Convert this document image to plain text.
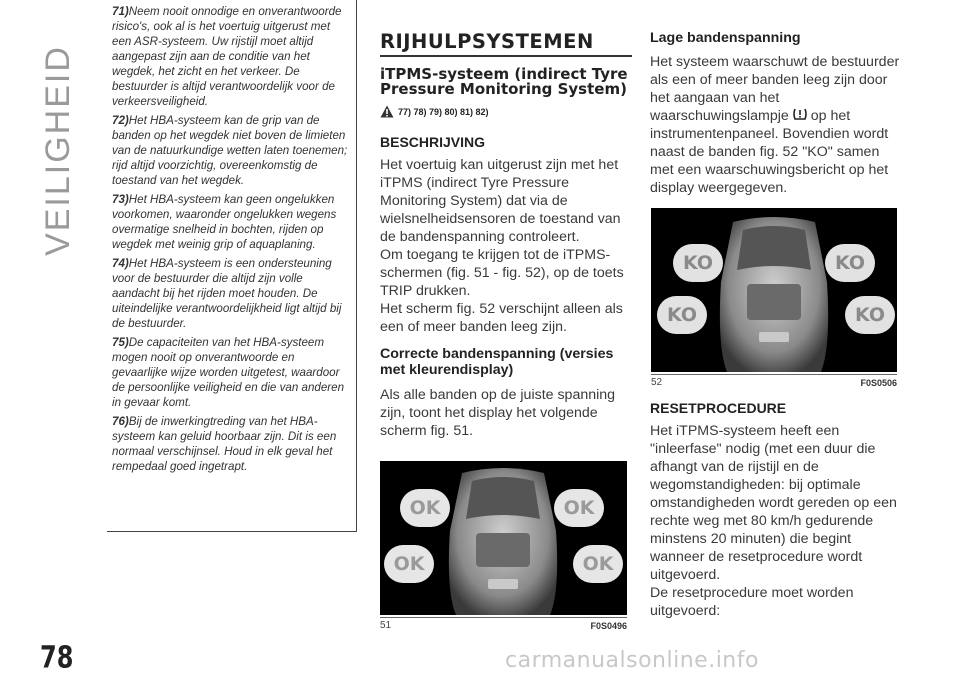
VEILIGHEID
78

71)Neem nooit onnodige en onverantwoorde risico's, ook al is het voertuig uitgerust met een ASR-systeem. Uw rijstijl moet altijd aangepast zijn aan de conditie van het wegdek, het zicht en het verkeer. De bestuurder is altijd verantwoordelijk voor de verkeersveiligheid.

72)Het HBA-systeem kan de grip van de banden op het wegdek niet boven de limieten van de natuurkundige wetten laten toenemen; rijd altijd voorzichtig, overeenkomstig de toestand van het wegdek.

73)Het HBA-systeem kan geen ongelukken voorkomen, waaronder ongelukken wegens overmatige snelheid in bochten, rijden op wegdek met weinig grip of aquaplaning.

74)Het HBA-systeem is een ondersteuning voor de bestuurder die altijd zijn volle aandacht bij het rijden moet houden. De uiteindelijke verantwoordelijkheid ligt altijd bij de bestuurder.

75)De capaciteiten van het HBA-systeem mogen nooit op onverantwoorde en gevaarlijke wijze worden uitgetest, waardoor de persoonlijke veiligheid en die van anderen in gevaar komt.

76)Bij de inwerkingtreding van het HBA-systeem kan geluid hoorbaar zijn. Dit is een normaal verschijnsel. Houd in elk geval het rempedaal goed ingetrapt.

RIJHULPSYSTEMEN
iTPMS-systeem (indirect Tyre Pressure Monitoring System)
77) 78) 79) 80) 81) 82)
BESCHRIJVING

Het voertuig kan uitgerust zijn met het iTPMS (indirect Tyre Pressure Monitoring System) dat via de wielsnelheidsensoren de toestand van de bandenspanning controleert.

Om toegang te krijgen tot de iTPMS-schermen (fig. 51 - fig. 52), op de toets TRIP drukken.

Het scherm fig. 52 verschijnt alleen als een of meer banden leeg zijn.

Correcte bandenspanning (versies met kleurendisplay)

Als alle banden op de juiste spanning zijn, toont het display het volgende scherm fig. 51.

OK	OK
OK	OK
51	F0S0496
Lage bandenspanning

Het systeem waarschuwt de bestuurder als een of meer banden leeg zijn door het aangaan van het waarschuwingslampje op het instrumentenpaneel. Bovendien wordt naast de banden fig. 52 "KO" samen met een waarschuwingsbericht op het display weergegeven.

KO	KO
KO	KO
52	F0S0506
RESETPROCEDURE

Het iTPMS-systeem heeft een "inleerfase" nodig (met een duur die afhangt van de rijstijl en de wegomstandigheden: bij optimale omstandigheden wordt gereden op een rechte weg met 80 km/h gedurende minstens 20 minuten) die begint wanneer de resetprocedure wordt uitgevoerd.

De resetprocedure moet worden uitgevoerd:

carmanualsonline.info
